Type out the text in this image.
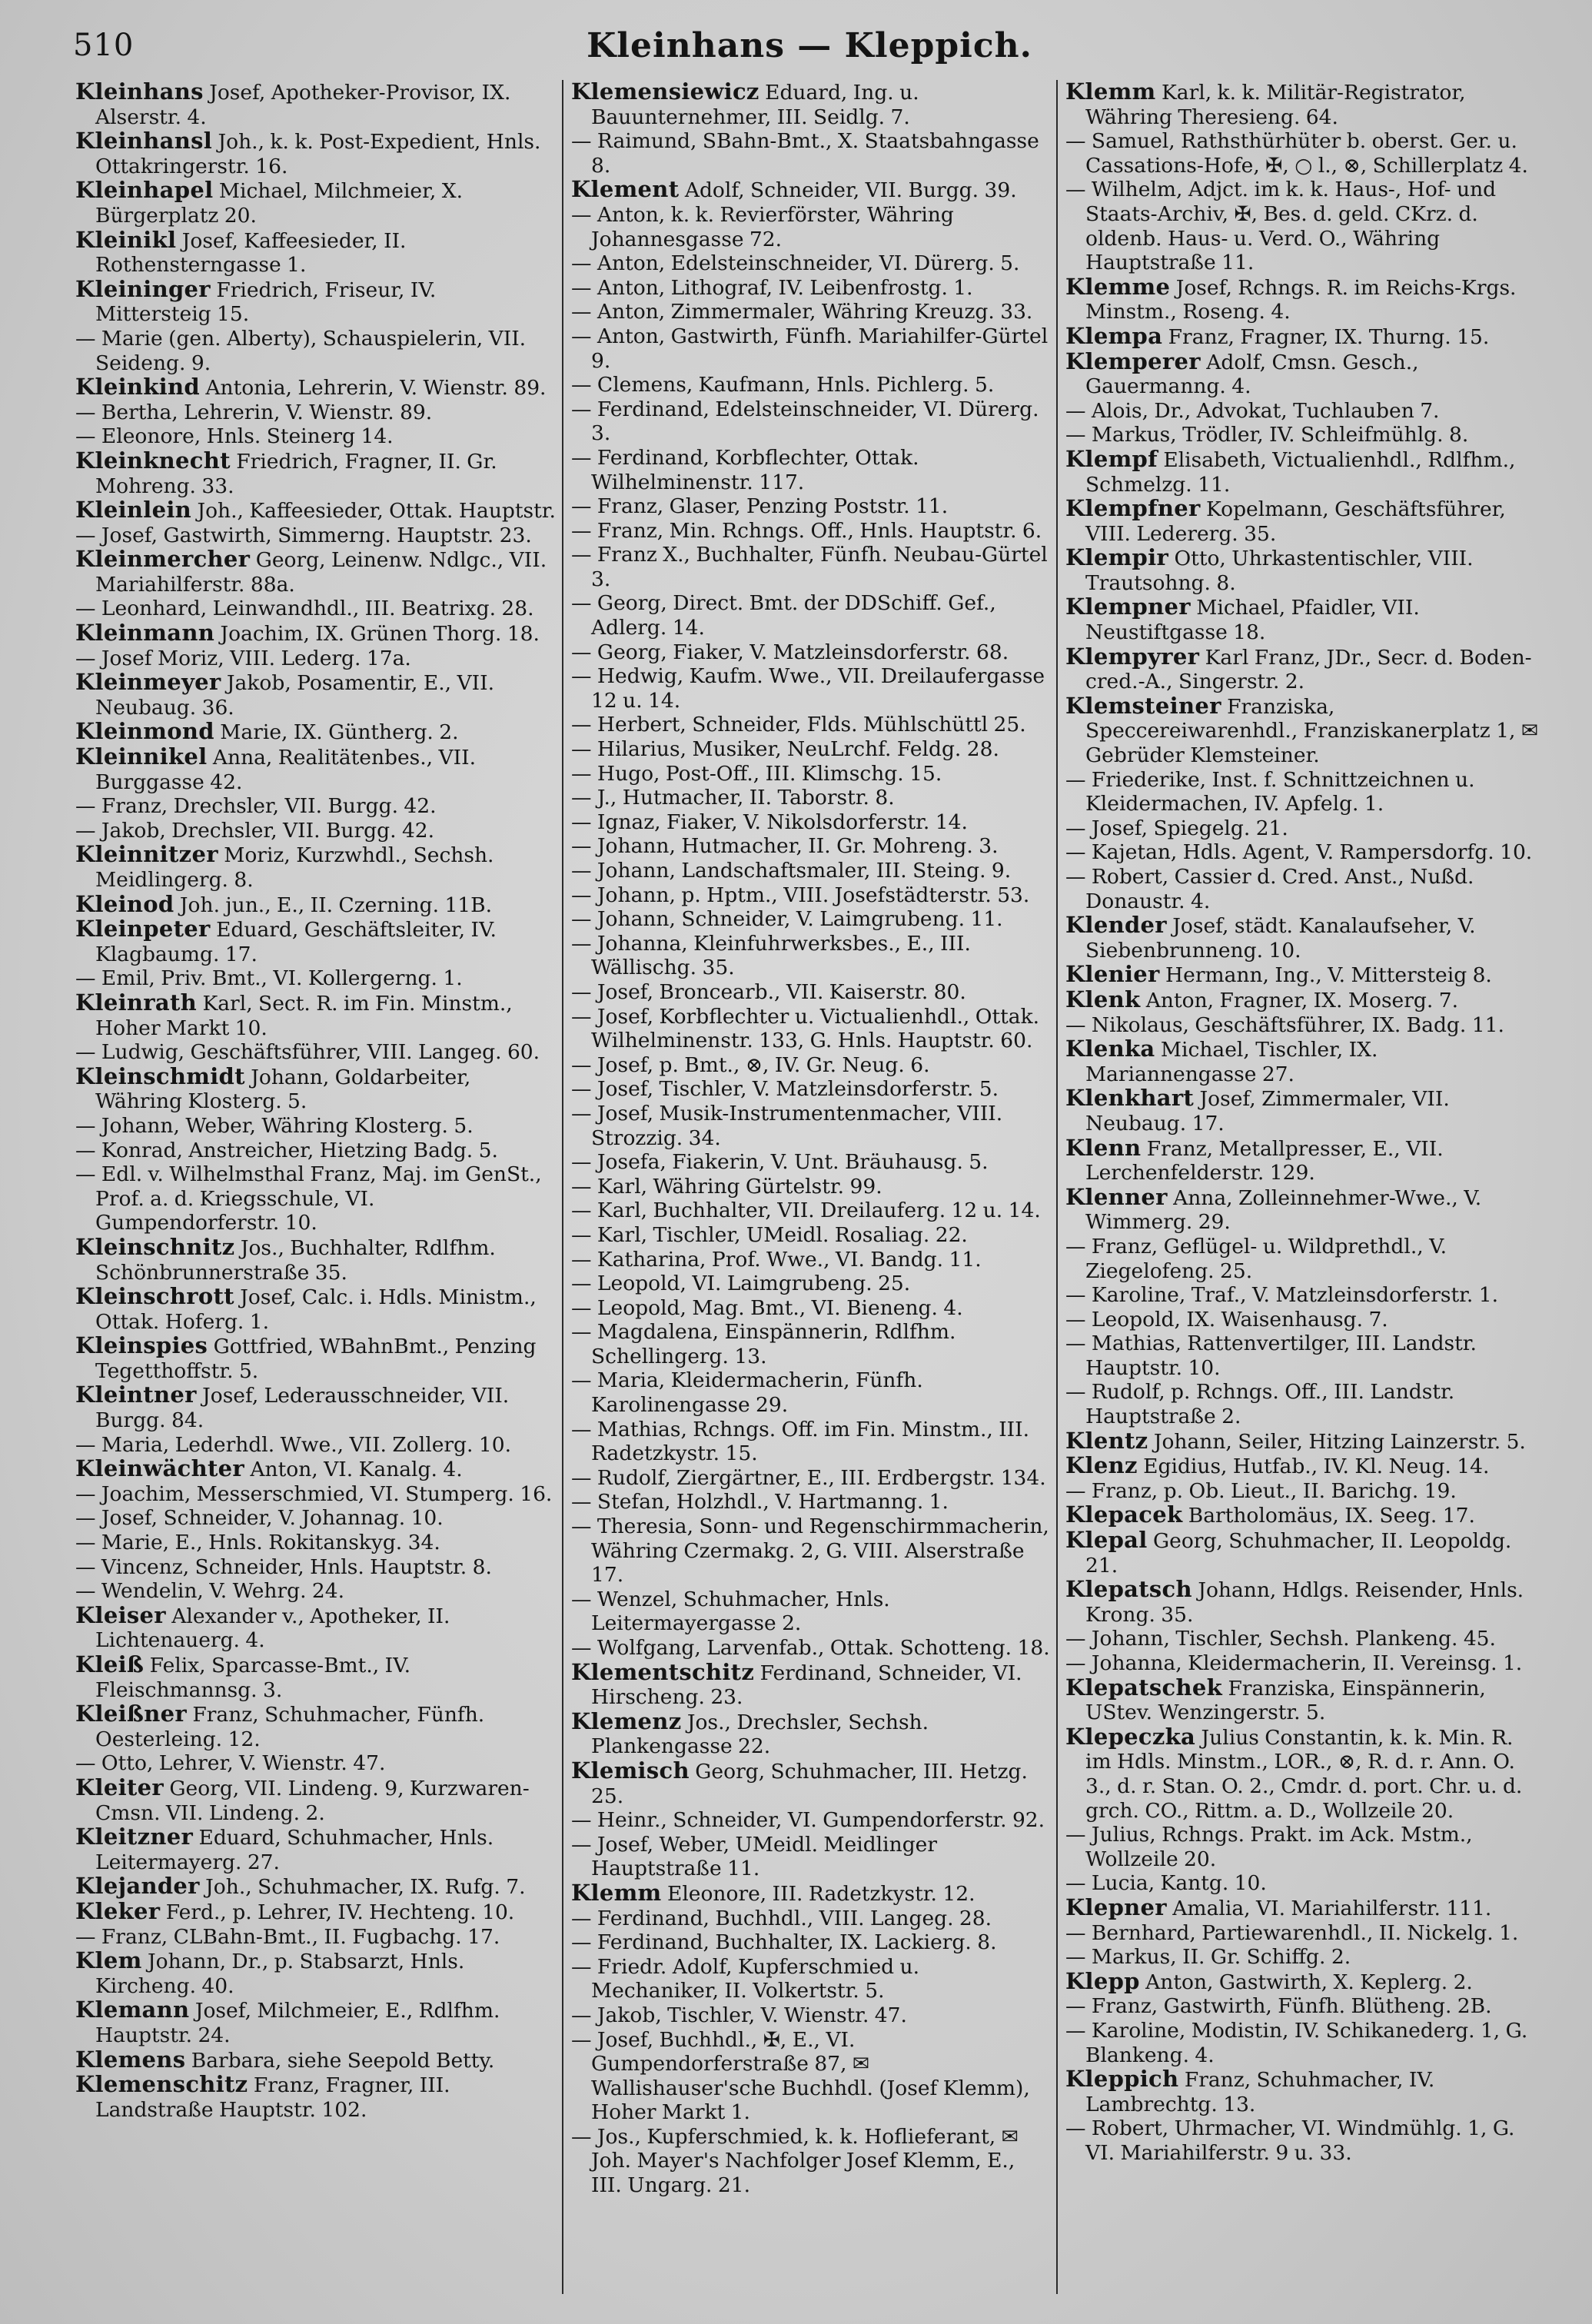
510	Kleinhans — Kleppich.
Kleinhans Josef, Apotheker-Provisor, IX. Alserstr. 4.
Kleinhansl Joh., k. k. Post-Expedient, Hnls. Ottakringerstr. 16.
Kleinhapel Michael, Milchmeier, X. Bürgerplatz 20.
Kleinikl Josef, Kaffeesieder, II. Rothensterngasse 1.
Kleininger Friedrich, Friseur, IV. Mittersteig 15.
— Marie (gen. Alberty), Schauspielerin, VII. Seideng. 9.
Kleinkind Antonia, Lehrerin, V. Wienstr. 89.
— Bertha, Lehrerin, V. Wienstr. 89.
— Eleonore, Hnls. Steinerg 14.
Kleinknecht Friedrich, Fragner, II. Gr. Mohreng. 33.
Kleinlein Joh., Kaffeesieder, Ottak. Hauptstr.
— Josef, Gastwirth, Simmerng. Hauptstr. 23.
Kleinmercher Georg, Leinenw. Ndlgc., VII. Mariahilferstr. 88a.
— Leonhard, Leinwandhdl., III. Beatrixg. 28.
Kleinmann Joachim, IX. Grünen Thorg. 18.
— Josef Moriz, VIII. Lederg. 17a.
Kleinmeyer Jakob, Posamentir, E., VII. Neubaug. 36.
Kleinmond Marie, IX. Güntherg. 2.
Kleinnikel Anna, Realitätenbes., VII. Burggasse 42.
— Franz, Drechsler, VII. Burgg. 42.
— Jakob, Drechsler, VII. Burgg. 42.
Kleinnitzer Moriz, Kurzwhdl., Sechsh. Meidlingerg. 8.
Kleinod Joh. jun., E., II. Czerning. 11B.
Kleinpeter Eduard, Geschäftsleiter, IV. Klagbaumg. 17.
— Emil, Priv. Bmt., VI. Kollergerng. 1.
Kleinrath Karl, Sect. R. im Fin. Minstm., Hoher Markt 10.
— Ludwig, Geschäftsführer, VIII. Langeg. 60.
Kleinschmidt Johann, Goldarbeiter, Währing Klosterg. 5.
— Johann, Weber, Währing Klosterg. 5.
— Konrad, Anstreicher, Hietzing Badg. 5.
— Edl. v. Wilhelmsthal Franz, Maj. im GenSt., Prof. a. d. Kriegsschule, VI. Gumpendorferstr. 10.
Kleinschnitz Jos., Buchhalter, Rdlfhm. Schönbrunnerstraße 35.
Kleinschrott Josef, Calc. i. Hdls. Ministm., Ottak. Hoferg. 1.
Kleinspies Gottfried, WBahnBmt., Penzing Tegetthoffstr. 5.
Kleintner Josef, Lederausschneider, VII. Burgg. 84.
— Maria, Lederhdl. Wwe., VII. Zollerg. 10.
Kleinwächter Anton, VI. Kanalg. 4.
— Joachim, Messerschmied, VI. Stumperg. 16.
— Josef, Schneider, V. Johannag. 10.
— Marie, E., Hnls. Rokitanskyg. 34.
— Vincenz, Schneider, Hnls. Hauptstr. 8.
— Wendelin, V. Wehrg. 24.
Kleiser Alexander v., Apotheker, II. Lichtenauerg. 4.
Kleiß Felix, Sparcasse-Bmt., IV. Fleischmannsg. 3.
Kleißner Franz, Schuhmacher, Fünfh. Oesterleing. 12.
— Otto, Lehrer, V. Wienstr. 47.
Kleiter Georg, VII. Lindeng. 9, Kurzwaren-Cmsn. VII. Lindeng. 2.
Kleitzner Eduard, Schuhmacher, Hnls. Leitermayerg. 27.
Klejander Joh., Schuhmacher, IX. Rufg. 7.
Kleker Ferd., p. Lehrer, IV. Hechteng. 10.
— Franz, CLBahn-Bmt., II. Fugbachg. 17.
Klem Johann, Dr., p. Stabsarzt, Hnls. Kircheng. 40.
Klemann Josef, Milchmeier, E., Rdlfhm. Hauptstr. 24.
Klemens Barbara, siehe Seepold Betty.
Klemenschitz Franz, Fragner, III. Landstraße Hauptstr. 102.
Klemensiewicz Eduard, Ing. u. Bauunternehmer, III. Seidlg. 7.
— Raimund, SBahn-Bmt., X. Staatsbahngasse 8.
Klement Adolf, Schneider, VII. Burgg. 39.
— Anton, k. k. Revierförster, Währing Johannesgasse 72.
— Anton, Edelsteinschneider, VI. Dürerg. 5.
— Anton, Lithograf, IV. Leibenfrostg. 1.
— Anton, Zimmermaler, Währing Kreuzg. 33.
— Anton, Gastwirth, Fünfh. Mariahilfer-Gürtel 9.
— Clemens, Kaufmann, Hnls. Pichlerg. 5.
— Ferdinand, Edelsteinschneider, VI. Dürerg. 3.
— Ferdinand, Korbflechter, Ottak. Wilhelminenstr. 117.
— Franz, Glaser, Penzing Poststr. 11.
— Franz, Min. Rchngs. Off., Hnls. Hauptstr. 6.
— Franz X., Buchhalter, Fünfh. Neubau-Gürtel 3.
— Georg, Direct. Bmt. der DDSchiff. Gef., Adlerg. 14.
— Georg, Fiaker, V. Matzleinsdorferstr. 68.
— Hedwig, Kaufm. Wwe., VII. Dreilaufergasse 12 u. 14.
— Herbert, Schneider, Flds. Mühlschüttl 25.
— Hilarius, Musiker, NeuLrchf. Feldg. 28.
— Hugo, Post-Off., III. Klimschg. 15.
— J., Hutmacher, II. Taborstr. 8.
— Ignaz, Fiaker, V. Nikolsdorferstr. 14.
— Johann, Hutmacher, II. Gr. Mohreng. 3.
— Johann, Landschaftsmaler, III. Steing. 9.
— Johann, p. Hptm., VIII. Josefstädterstr. 53.
— Johann, Schneider, V. Laimgrubeng. 11.
— Johanna, Kleinfuhrwerksbes., E., III. Wällischg. 35.
— Josef, Broncearb., VII. Kaiserstr. 80.
— Josef, Korbflechter u. Victualienhdl., Ottak. Wilhelminenstr. 133, G. Hnls. Hauptstr. 60.
— Josef, p. Bmt., ⊗, IV. Gr. Neug. 6.
— Josef, Tischler, V. Matzleinsdorferstr. 5.
— Josef, Musik-Instrumentenmacher, VIII. Strozzig. 34.
— Josefa, Fiakerin, V. Unt. Bräuhausg. 5.
— Karl, Währing Gürtelstr. 99.
— Karl, Buchhalter, VII. Dreilauferg. 12 u. 14.
— Karl, Tischler, UMeidl. Rosaliag. 22.
— Katharina, Prof. Wwe., VI. Bandg. 11.
— Leopold, VI. Laimgrubeng. 25.
— Leopold, Mag. Bmt., VI. Bieneng. 4.
— Magdalena, Einspännerin, Rdlfhm. Schellingerg. 13.
— Maria, Kleidermacherin, Fünfh. Karolinengasse 29.
— Mathias, Rchngs. Off. im Fin. Minstm., III. Radetzkystr. 15.
— Rudolf, Ziergärtner, E., III. Erdbergstr. 134.
— Stefan, Holzhdl., V. Hartmanng. 1.
— Theresia, Sonn- und Regenschirmmacherin, Währing Czermakg. 2, G. VIII. Alserstraße 17.
— Wenzel, Schuhmacher, Hnls. Leitermayergasse 2.
— Wolfgang, Larvenfab., Ottak. Schotteng. 18.
Klementschitz Ferdinand, Schneider, VI. Hirscheng. 23.
Klemenz Jos., Drechsler, Sechsh. Plankengasse 22.
Klemisch Georg, Schuhmacher, III. Hetzg. 25.
— Heinr., Schneider, VI. Gumpendorferstr. 92.
— Josef, Weber, UMeidl. Meidlinger Hauptstraße 11.
Klemm Eleonore, III. Radetzkystr. 12.
— Ferdinand, Buchhdl., VIII. Langeg. 28.
— Ferdinand, Buchhalter, IX. Lackierg. 8.
— Friedr. Adolf, Kupferschmied u. Mechaniker, II. Volkertstr. 5.
— Jakob, Tischler, V. Wienstr. 47.
— Josef, Buchhdl., ✠, E., VI. Gumpendorferstraße 87, ✉ Wallishauser'sche Buchhdl. (Josef Klemm), Hoher Markt 1.
— Jos., Kupferschmied, k. k. Hoflieferant, ✉ Joh. Mayer's Nachfolger Josef Klemm, E., III. Ungarg. 21.
Klemm Karl, k. k. Militär-Registrator, Währing Theresieng. 64.
— Samuel, Rathsthürhüter b. oberst. Ger. u. Cassations-Hofe, ✠, ○ l., ⊗, Schillerplatz 4.
— Wilhelm, Adjct. im k. k. Haus-, Hof- und Staats-Archiv, ✠, Bes. d. geld. CKrz. d. oldenb. Haus- u. Verd. O., Währing Hauptstraße 11.
Klemme Josef, Rchngs. R. im Reichs-Krgs. Minstm., Roseng. 4.
Klempa Franz, Fragner, IX. Thurng. 15.
Klemperer Adolf, Cmsn. Gesch., Gauermanng. 4.
— Alois, Dr., Advokat, Tuchlauben 7.
— Markus, Trödler, IV. Schleifmühlg. 8.
Klempf Elisabeth, Victualienhdl., Rdlfhm., Schmelzg. 11.
Klempfner Kopelmann, Geschäftsführer, VIII. Ledererg. 35.
Klempir Otto, Uhrkastentischler, VIII. Trautsohng. 8.
Klempner Michael, Pfaidler, VII. Neustiftgasse 18.
Klempyrer Karl Franz, JDr., Secr. d. Boden-cred.-A., Singerstr. 2.
Klemsteiner Franziska, Speccereiwarenhdl., Franziskanerplatz 1, ✉ Gebrüder Klemsteiner.
— Friederike, Inst. f. Schnittzeichnen u. Kleidermachen, IV. Apfelg. 1.
— Josef, Spiegelg. 21.
— Kajetan, Hdls. Agent, V. Rampersdorfg. 10.
— Robert, Cassier d. Cred. Anst., Nußd. Donaustr. 4.
Klender Josef, städt. Kanalaufseher, V. Siebenbrunneng. 10.
Klenier Hermann, Ing., V. Mittersteig 8.
Klenk Anton, Fragner, IX. Moserg. 7.
— Nikolaus, Geschäftsführer, IX. Badg. 11.
Klenka Michael, Tischler, IX. Mariannengasse 27.
Klenkhart Josef, Zimmermaler, VII. Neubaug. 17.
Klenn Franz, Metallpresser, E., VII. Lerchenfelderstr. 129.
Klenner Anna, Zolleinnehmer-Wwe., V. Wimmerg. 29.
— Franz, Geflügel- u. Wildprethdl., V. Ziegelofeng. 25.
— Karoline, Traf., V. Matzleinsdorferstr. 1.
— Leopold, IX. Waisenhausg. 7.
— Mathias, Rattenvertilger, III. Landstr. Hauptstr. 10.
— Rudolf, p. Rchngs. Off., III. Landstr. Hauptstraße 2.
Klentz Johann, Seiler, Hitzing Lainzerstr. 5.
Klenz Egidius, Hutfab., IV. Kl. Neug. 14.
— Franz, p. Ob. Lieut., II. Barichg. 19.
Klepacek Bartholomäus, IX. Seeg. 17.
Klepal Georg, Schuhmacher, II. Leopoldg. 21.
Klepatsch Johann, Hdlgs. Reisender, Hnls. Krong. 35.
— Johann, Tischler, Sechsh. Plankeng. 45.
— Johanna, Kleidermacherin, II. Vereinsg. 1.
Klepatschek Franziska, Einspännerin, UStev. Wenzingerstr. 5.
Klepeczka Julius Constantin, k. k. Min. R. im Hdls. Minstm., LOR., ⊗, R. d. r. Ann. O. 3., d. r. Stan. O. 2., Cmdr. d. port. Chr. u. d. grch. CO., Rittm. a. D., Wollzeile 20.
— Julius, Rchngs. Prakt. im Ack. Mstm., Wollzeile 20.
— Lucia, Kantg. 10.
Klepner Amalia, VI. Mariahilferstr. 111.
— Bernhard, Partiewarenhdl., II. Nickelg. 1.
— Markus, II. Gr. Schiffg. 2.
Klepp Anton, Gastwirth, X. Keplerg. 2.
— Franz, Gastwirth, Fünfh. Blütheng. 2B.
— Karoline, Modistin, IV. Schikanederg. 1, G. Blankeng. 4.
Kleppich Franz, Schuhmacher, IV. Lambrechtg. 13.
— Robert, Uhrmacher, VI. Windmühlg. 1, G. VI. Mariahilferstr. 9 u. 33.
